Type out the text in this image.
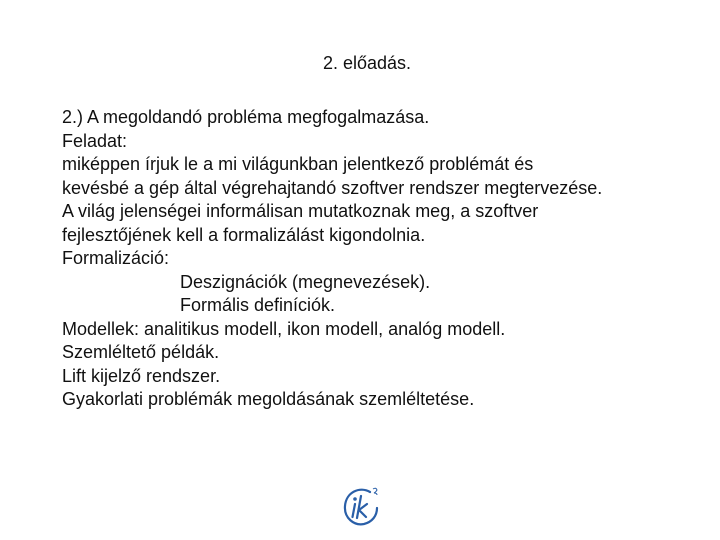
2. előadás.
2.) A megoldandó probléma megfogalmazása.
Feladat:
miképpen írjuk le a mi világunkban jelentkező problémát és
kevésbé a gép által végrehajtandó szoftver rendszer megtervezése.
A világ jelenségei informálisan mutatkoznak meg, a szoftver
fejlesztőjének kell a formalizálást kigondolnia.
Formalizáció:
Deszignációk (megnevezések).
Formális definíciók.
Modellek: analitikus modell, ikon modell, analóg modell.
Szemléltető példák.
Lift kijelző rendszer.
Gyakorlati problémák megoldásának szemléltetése.
